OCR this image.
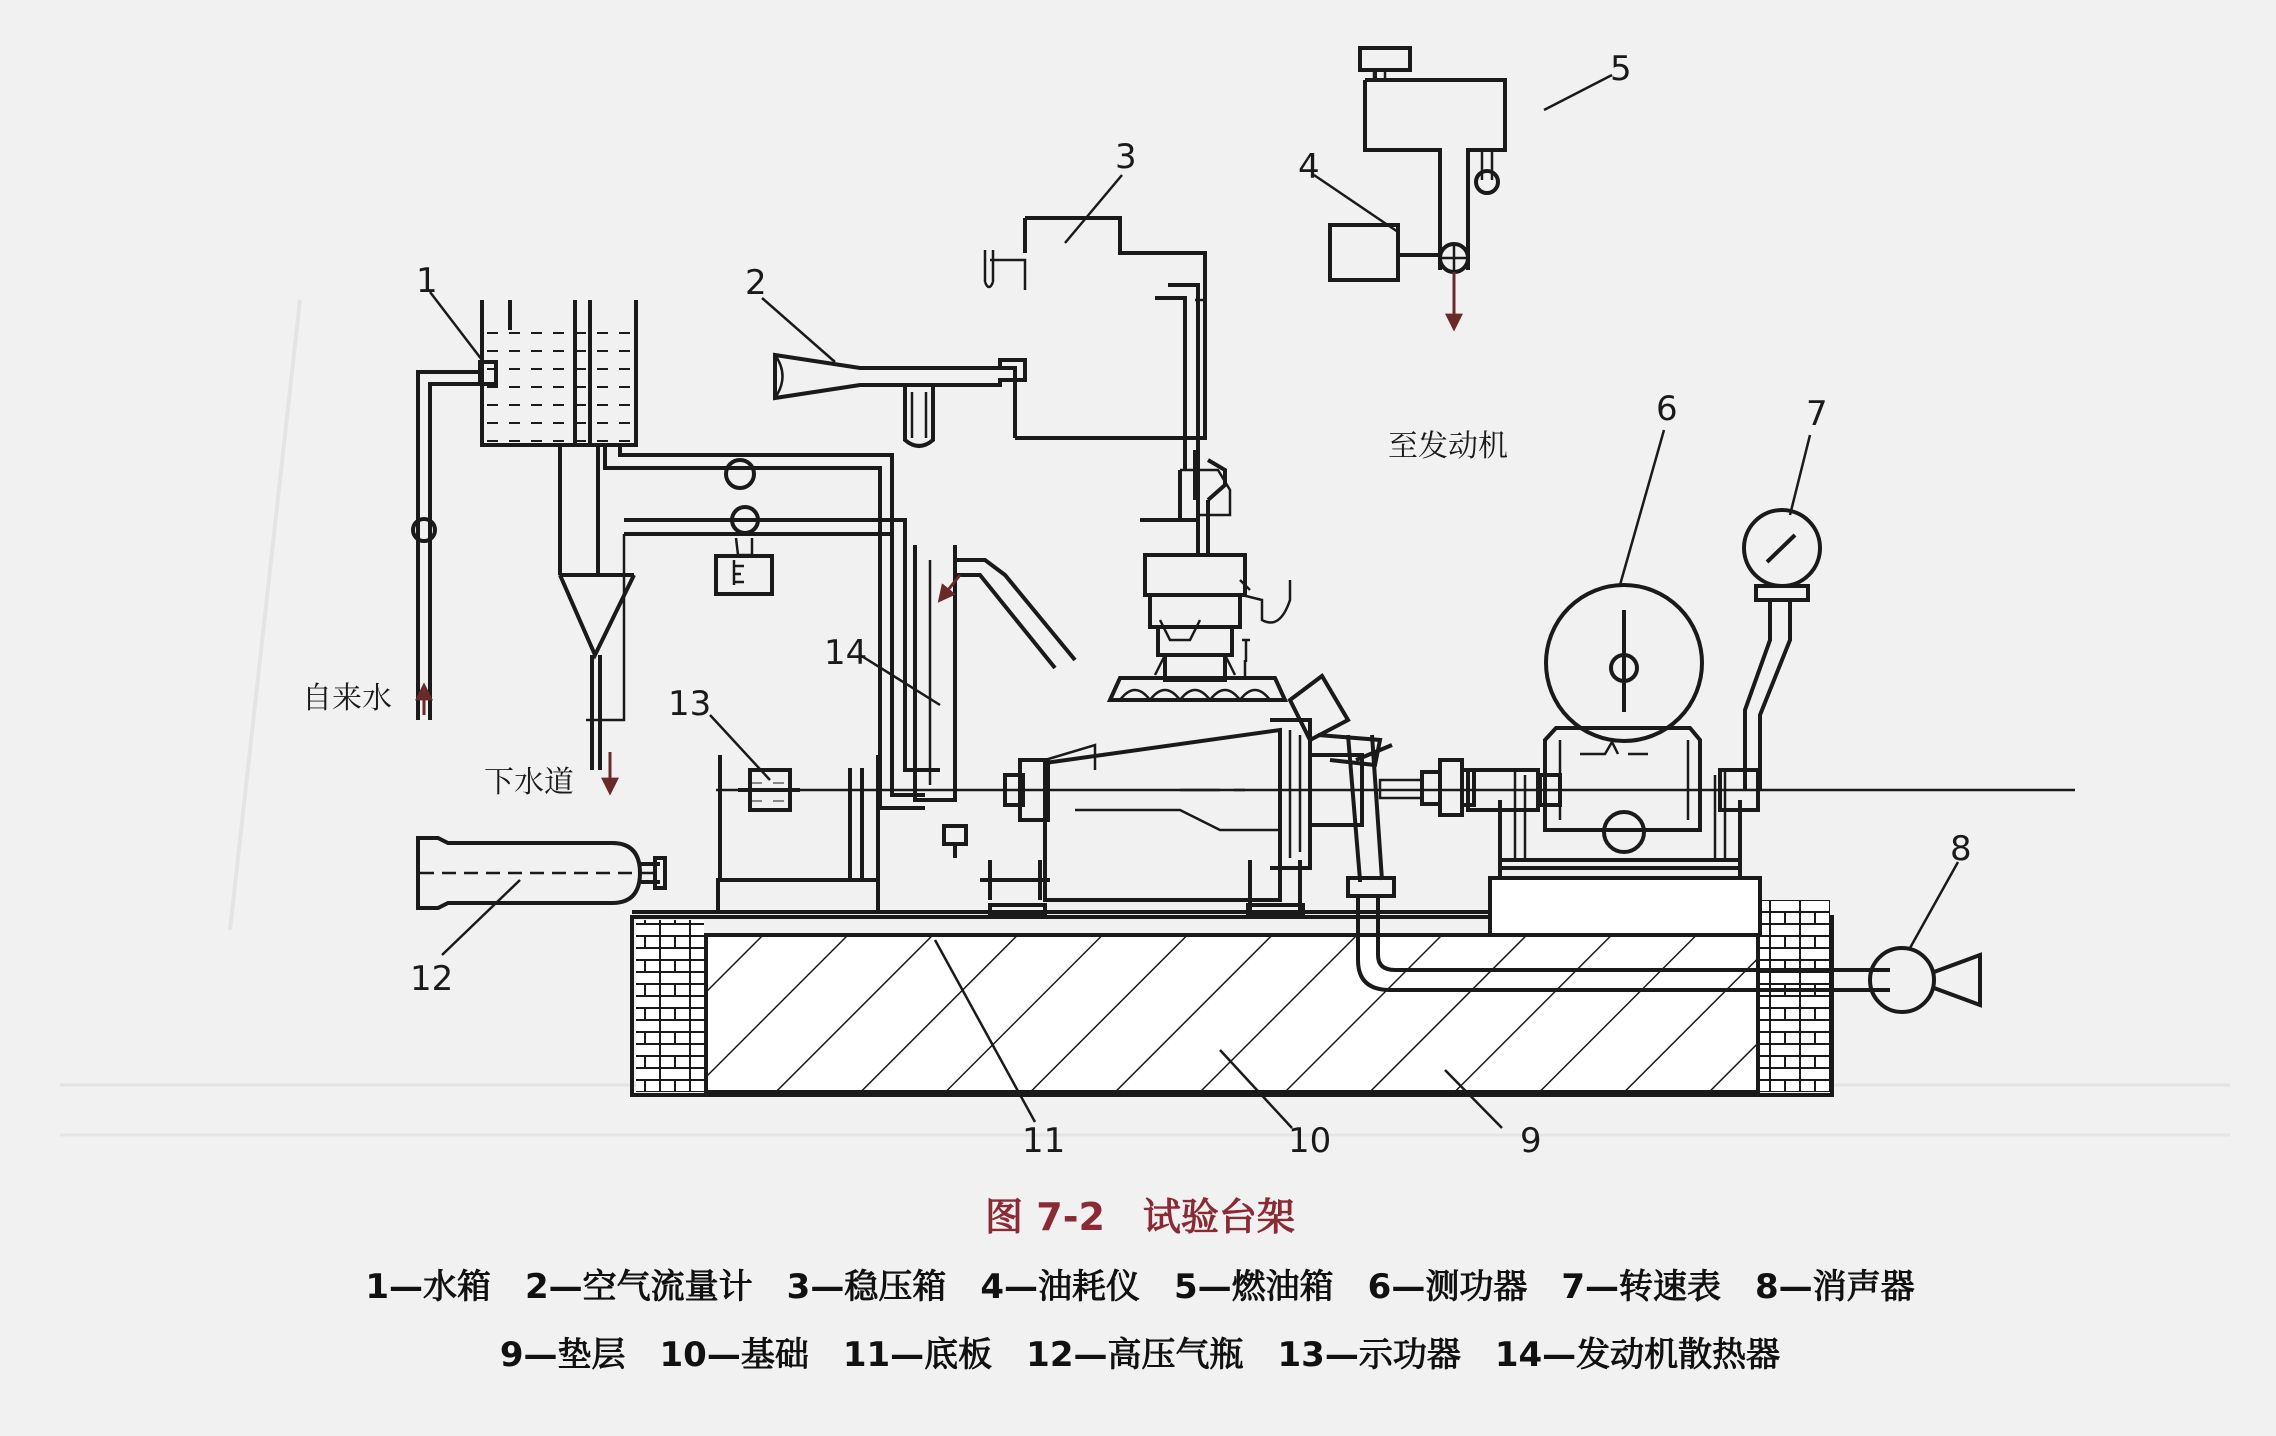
1	2
3	4
5
6	7
8
9
10
11
12
13
14
自来水
下水道
至发动机
图 7-2　试验台架
1—水箱 2—空气流量计 3—稳压箱 4—油耗仪 5—燃油箱 6—测功器 7—转速表 8—消声器
9—垫层 10—基础 11—底板 12—高压气瓶 13—示功器 14—发动机散热器
